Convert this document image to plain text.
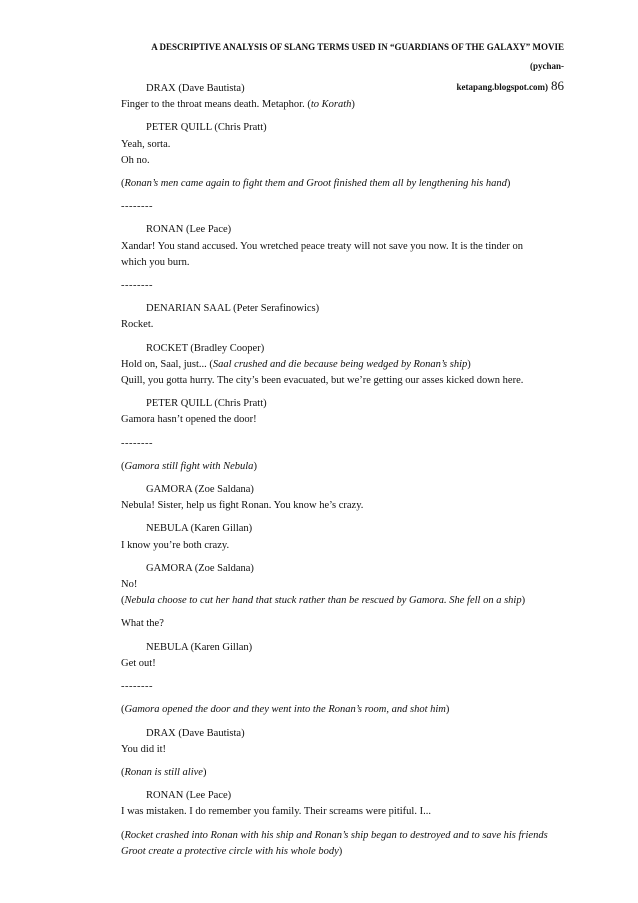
A DESCRIPTIVE ANALYSIS OF SLANG TERMS USED IN “GUARDIANS OF THE GALAXY” MOVIE (pychan-
ketapang.blogspot.com) 86

DRAX (Dave Bautista)
Finger to the throat means death. Metaphor. (to Korath)

PETER QUILL (Chris Pratt)
Yeah, sorta.
Oh no.

(Ronan’s men came again to fight them and Groot finished them all by lengthening his hand)

--------

RONAN (Lee Pace)
Xandar! You stand accused. You wretched peace treaty will not save you now. It is the tinder on which you burn.

--------

DENARIAN SAAL (Peter Serafinowics)
Rocket.

ROCKET (Bradley Cooper)
Hold on, Saal, just... (Saal crushed and die because being wedged by Ronan’s ship)
Quill, you gotta hurry. The city’s been evacuated, but we’re getting our asses kicked down here.

PETER QUILL (Chris Pratt)
Gamora hasn’t opened the door!

--------

(Gamora still fight with Nebula)

GAMORA (Zoe Saldana)
Nebula! Sister, help us fight Ronan. You know he’s crazy.

NEBULA (Karen Gillan)
I know you’re both crazy.

GAMORA (Zoe Saldana)
No!
(Nebula choose to cut her hand that stuck rather than be rescued by Gamora. She fell on a ship)

What the?

NEBULA (Karen Gillan)
Get out!

--------

(Gamora opened the door and they went into the Ronan’s room, and shot him)

DRAX (Dave Bautista)
You did it!

(Ronan is still alive)

RONAN (Lee Pace)
I was mistaken. I do remember you family. Their screams were pitiful. I...

(Rocket crashed into Ronan with his ship and Ronan’s ship began to destroyed and to save his friends Groot create a protective circle with his whole body)
